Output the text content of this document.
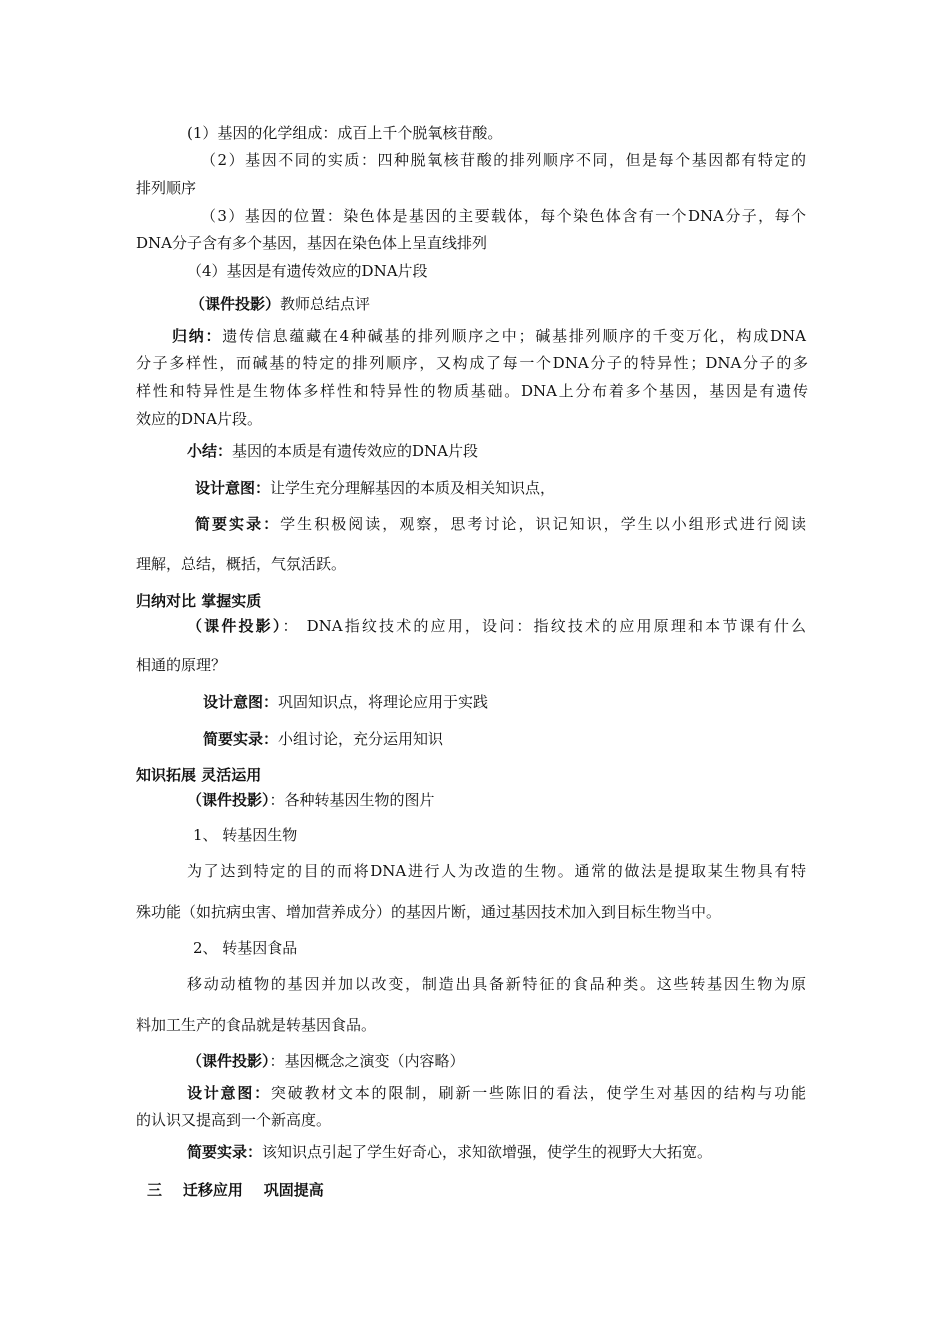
(1）基因的化学组成：成百上千个脱氧核苷酸。
（2）基因不同的实质：四种脱氧核苷酸的排列顺序不同，但是每个基因都有特定的
排列顺序
（3）基因的位置：染色体是基因的主要载体，每个染色体含有一个DNA分子，每个
DNA分子含有多个基因，基因在染色体上呈直线排列
（4）基因是有遗传效应的DNA片段
（课件投影）教师总结点评
归纳：遗传信息蕴藏在4种碱基的排列顺序之中；碱基排列顺序的千变万化，构成DNA
分子多样性，而碱基的特定的排列顺序，又构成了每一个DNA分子的特异性；DNA分子的多
样性和特异性是生物体多样性和特异性的物质基础。DNA上分布着多个基因，基因是有遗传
效应的DNA片段。
小结：基因的本质是有遗传效应的DNA片段
设计意图：让学生充分理解基因的本质及相关知识点，
简要实录：学生积极阅读，观察，思考讨论，识记知识，学生以小组形式进行阅读
理解，总结，概括，气氛活跃。
归纳对比 掌握实质
（课件投影）： DNA指纹技术的应用，设问：指纹技术的应用原理和本节课有什么
相通的原理？
设计意图：巩固知识点，将理论应用于实践
简要实录：小组讨论，充分运用知识
知识拓展 灵活运用
（课件投影）：各种转基因生物的图片
1、 转基因生物
为了达到特定的目的而将DNA进行人为改造的生物。通常的做法是提取某生物具有特
殊功能（如抗病虫害、增加营养成分）的基因片断，通过基因技术加入到目标生物当中。
2、 转基因食品
移动动植物的基因并加以改变，制造出具备新特征的食品种类。这些转基因生物为原
料加工生产的食品就是转基因食品。
（课件投影）：基因概念之演变（内容略）
设计意图：突破教材文本的限制，刷新一些陈旧的看法，使学生对基因的结构与功能
的认识又提高到一个新高度。
简要实录：该知识点引起了学生好奇心，求知欲增强，使学生的视野大大拓宽。
三    迁移应用    巩固提高
